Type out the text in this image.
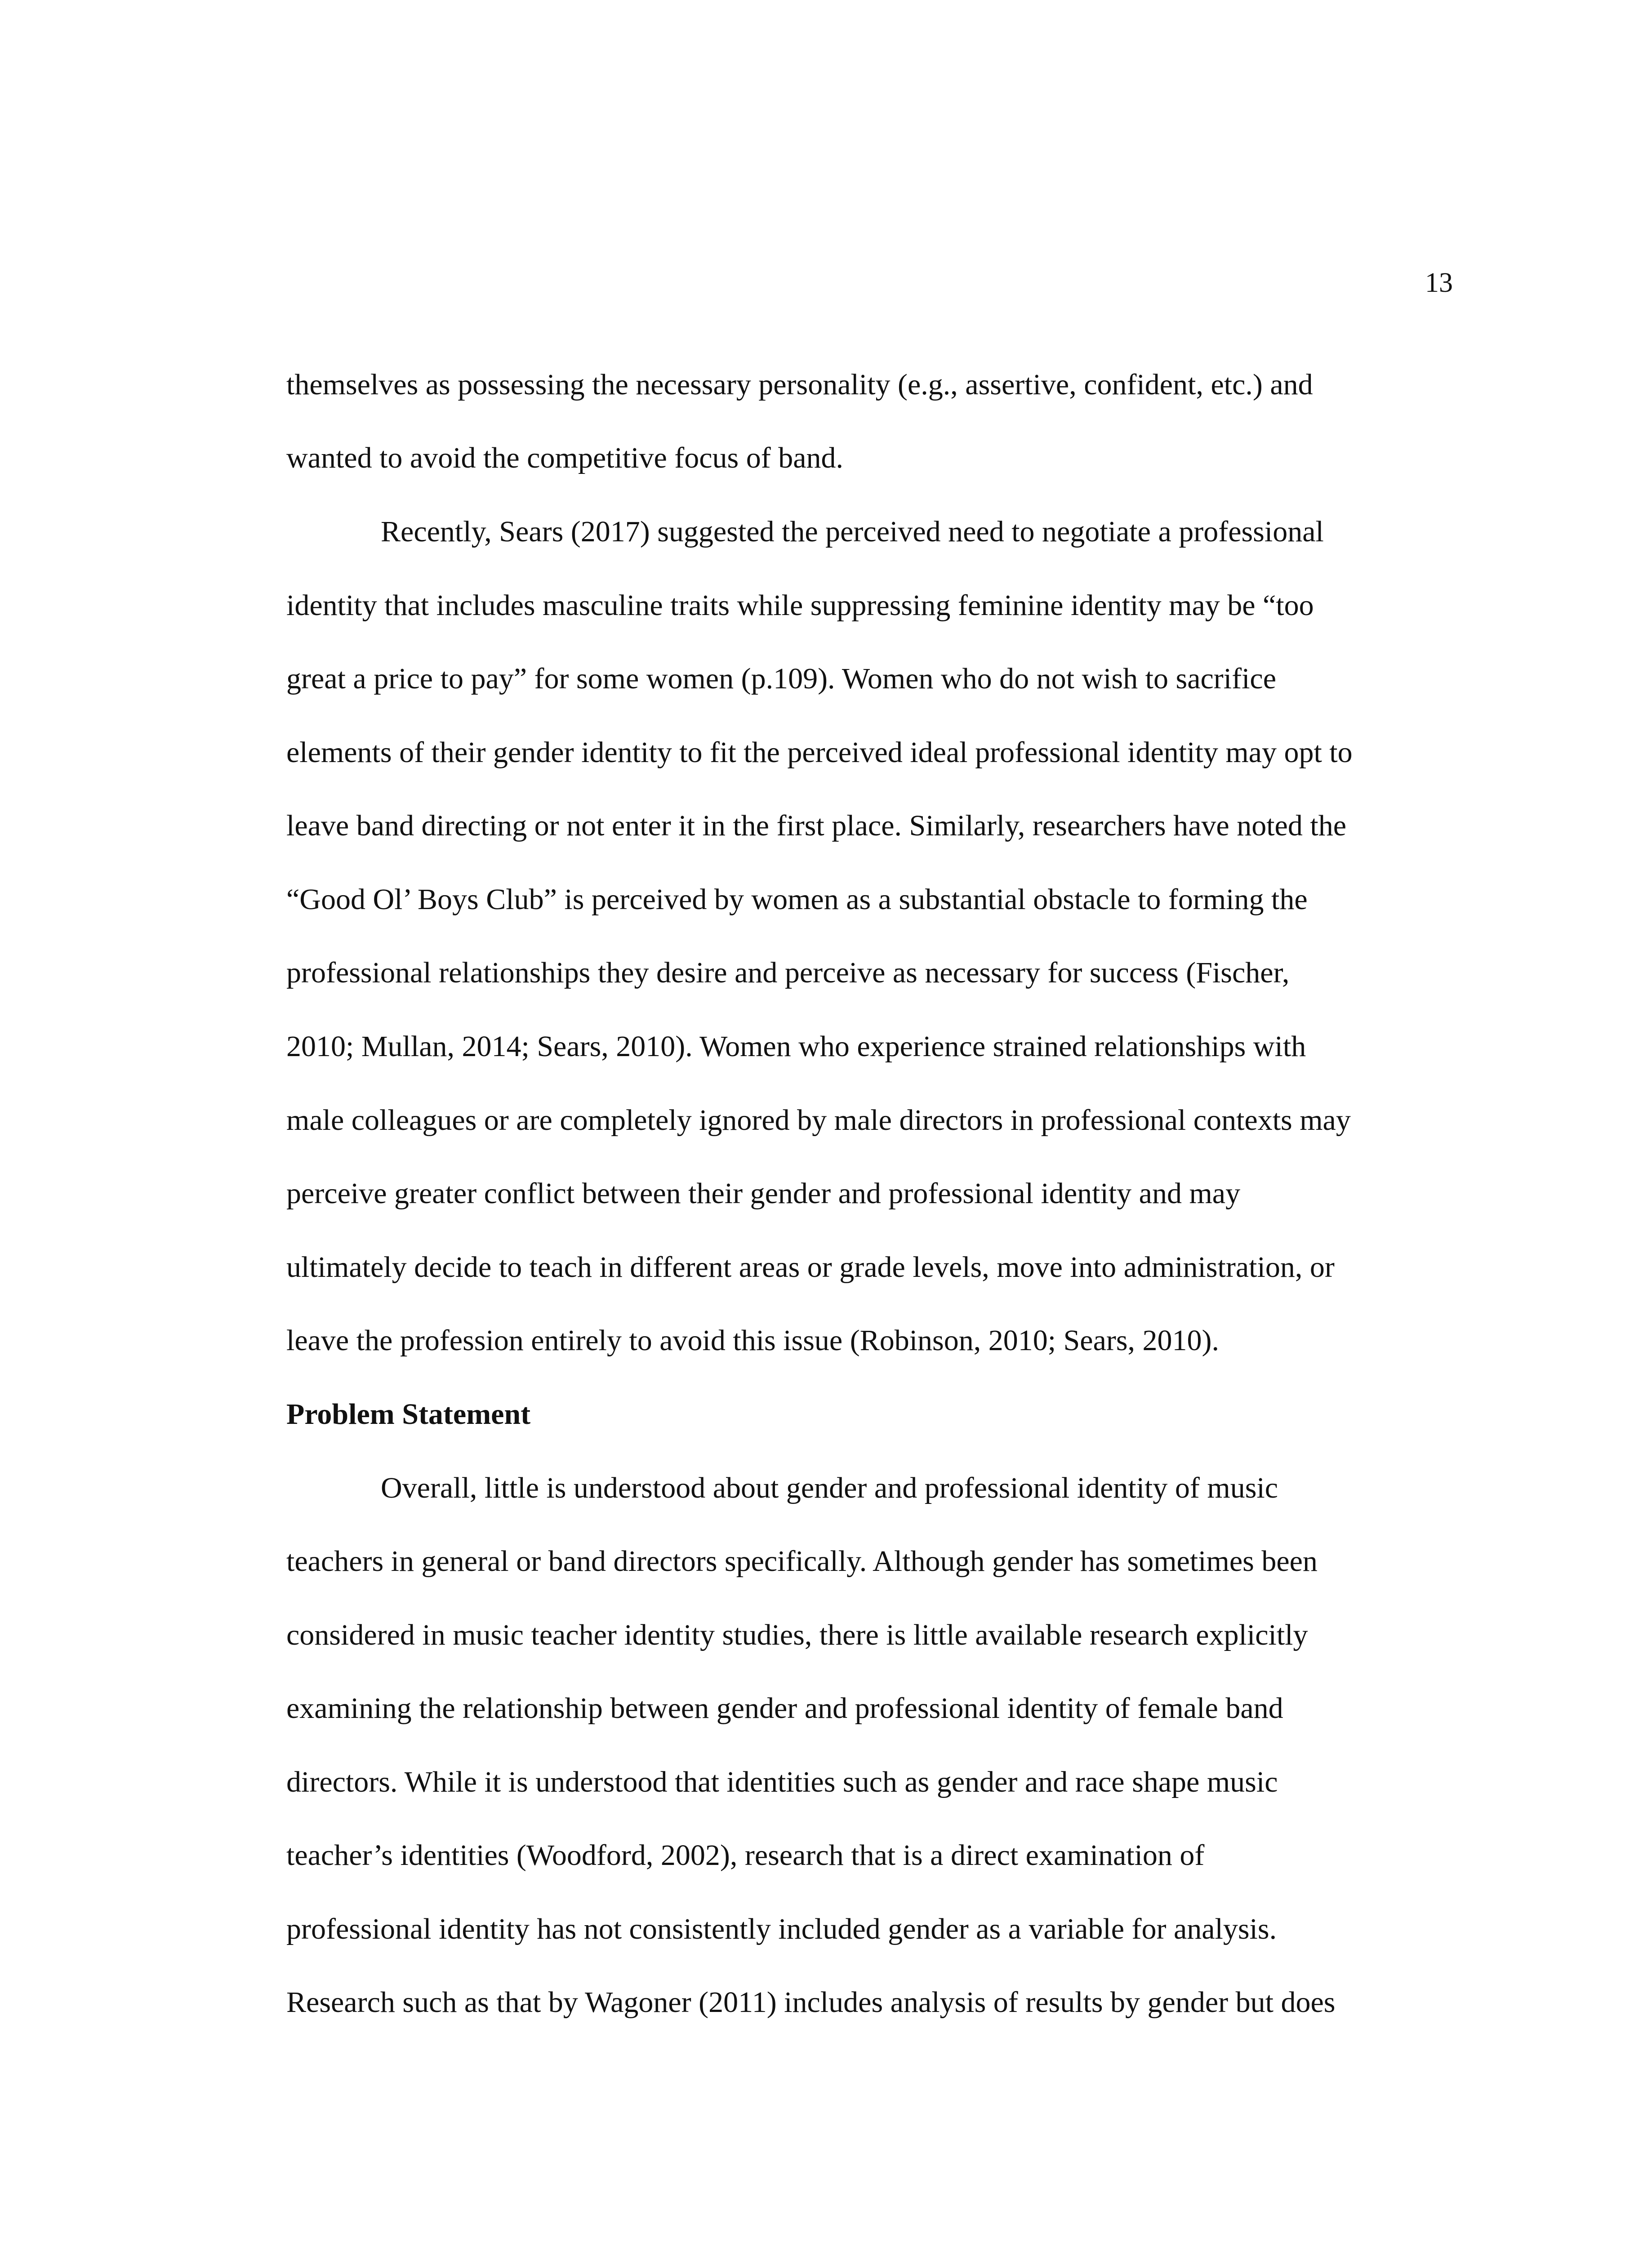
13
themselves as possessing the necessary personality (e.g., assertive, confident, etc.) and
wanted to avoid the competitive focus of band.
Recently, Sears (2017) suggested the perceived need to negotiate a professional
identity that includes masculine traits while suppressing feminine identity may be “too
great a price to pay” for some women (p.109). Women who do not wish to sacrifice
elements of their gender identity to fit the perceived ideal professional identity may opt to
leave band directing or not enter it in the first place. Similarly, researchers have noted the
“Good Ol’ Boys Club” is perceived by women as a substantial obstacle to forming the
professional relationships they desire and perceive as necessary for success (Fischer,
2010; Mullan, 2014; Sears, 2010). Women who experience strained relationships with
male colleagues or are completely ignored by male directors in professional contexts may
perceive greater conflict between their gender and professional identity and may
ultimately decide to teach in different areas or grade levels, move into administration, or
leave the profession entirely to avoid this issue (Robinson, 2010; Sears, 2010).
Problem Statement
Overall, little is understood about gender and professional identity of music
teachers in general or band directors specifically. Although gender has sometimes been
considered in music teacher identity studies, there is little available research explicitly
examining the relationship between gender and professional identity of female band
directors. While it is understood that identities such as gender and race shape music
teacher’s identities (Woodford, 2002), research that is a direct examination of
professional identity has not consistently included gender as a variable for analysis.
Research such as that by Wagoner (2011) includes analysis of results by gender but does
